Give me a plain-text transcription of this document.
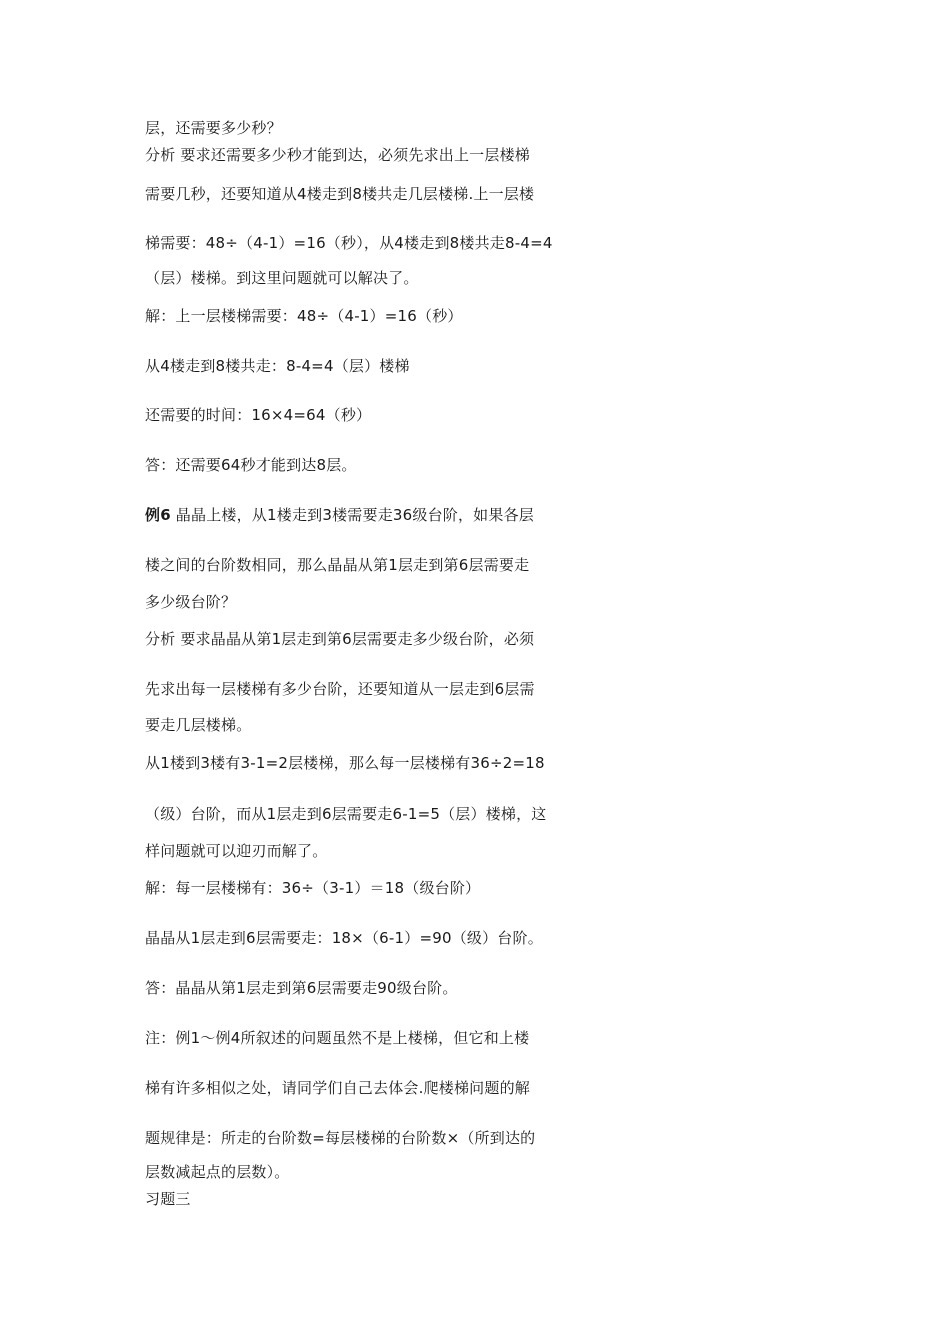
层，还需要多少秒？
分析 要求还需要多少秒才能到达，必须先求出上一层楼梯
需要几秒，还要知道从4楼走到8楼共走几层楼梯.上一层楼
梯需要：48÷（4-1）=16（秒），从4楼走到8楼共走8-4=4
（层）楼梯。到这里问题就可以解决了。
解：上一层楼梯需要：48÷（4-1）=16（秒）
从4楼走到8楼共走：8-4=4（层）楼梯
还需要的时间：16×4=64（秒）
答：还需要64秒才能到达8层。
例6 晶晶上楼，从1楼走到3楼需要走36级台阶，如果各层
楼之间的台阶数相同，那么晶晶从第1层走到第6层需要走
多少级台阶？
分析 要求晶晶从第1层走到第6层需要走多少级台阶，必须
先求出每一层楼梯有多少台阶，还要知道从一层走到6层需
要走几层楼梯。
从1楼到3楼有3-1=2层楼梯，那么每一层楼梯有36÷2=18
（级）台阶，而从1层走到6层需要走6-1=5（层）楼梯，这
样问题就可以迎刃而解了。
解：每一层楼梯有：36÷（3-1）＝18（级台阶）
晶晶从1层走到6层需要走：18×（6-1）=90（级）台阶。
答：晶晶从第1层走到第6层需要走90级台阶。
注：例1～例4所叙述的问题虽然不是上楼梯，但它和上楼
梯有许多相似之处，请同学们自己去体会.爬楼梯问题的解
题规律是：所走的台阶数=每层楼梯的台阶数×（所到达的
层数减起点的层数）。
习题三
